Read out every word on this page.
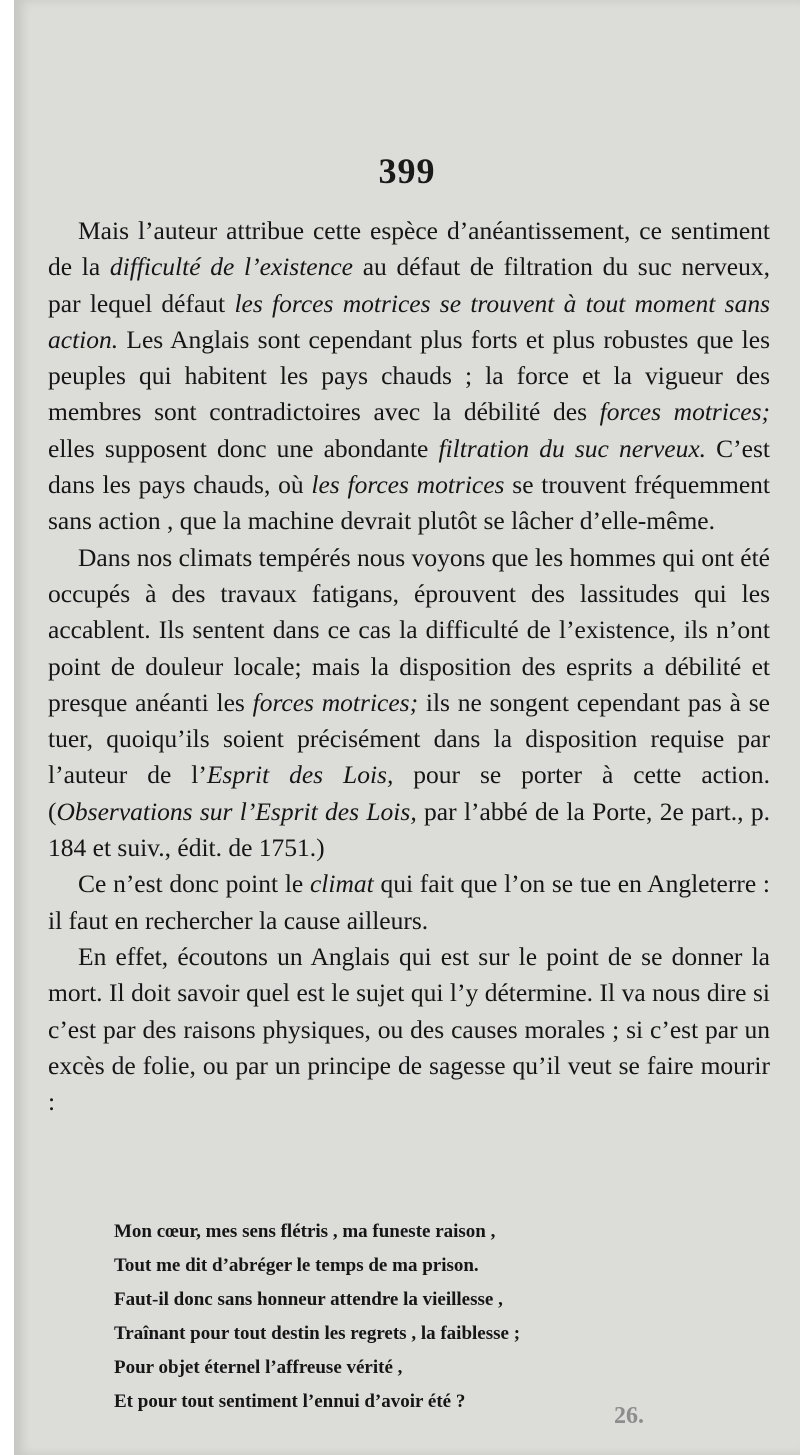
399

Mais l’auteur attribue cette espèce d’anéantissement, ce sentiment de la difficulté de l’existence au défaut de filtration du suc nerveux, par lequel défaut les forces motrices se trouvent à tout moment sans action. Les Anglais sont cependant plus forts et plus robustes que les peuples qui habitent les pays chauds ; la force et la vigueur des membres sont contradictoires avec la débilité des forces motrices; elles supposent donc une abondante filtration du suc nerveux. C’est dans les pays chauds, où les forces motrices se trouvent fréquemment sans action , que la machine devrait plutôt se lâcher d’elle-même.

Dans nos climats tempérés nous voyons que les hommes qui ont été occupés à des travaux fatigans, éprouvent des lassitudes qui les accablent. Ils sentent dans ce cas la difficulté de l’existence, ils n’ont point de douleur locale; mais la disposition des esprits a débilité et presque anéanti les forces motrices; ils ne songent cependant pas à se tuer, quoiqu’ils soient précisément dans la disposition requise par l’auteur de l’Esprit des Lois, pour se porter à cette action. (Observations sur l’Esprit des Lois, par l’abbé de la Porte, 2e part., p. 184 et suiv., édit. de 1751.)

Ce n’est donc point le climat qui fait que l’on se tue en Angleterre : il faut en rechercher la cause ailleurs.

En effet, écoutons un Anglais qui est sur le point de se donner la mort. Il doit savoir quel est le sujet qui l’y détermine. Il va nous dire si c’est par des raisons physiques, ou des causes morales ; si c’est par un excès de folie, ou par un principe de sagesse qu’il veut se faire mourir :

Mon cœur, mes sens flétris , ma funeste raison ,
Tout me dit d’abréger le temps de ma prison.
Faut-il donc sans honneur attendre la vieillesse ,
Traînant pour tout destin les regrets , la faiblesse ;
Pour objet éternel l’affreuse vérité ,
Et pour tout sentiment l’ennui d’avoir été ?
26.
